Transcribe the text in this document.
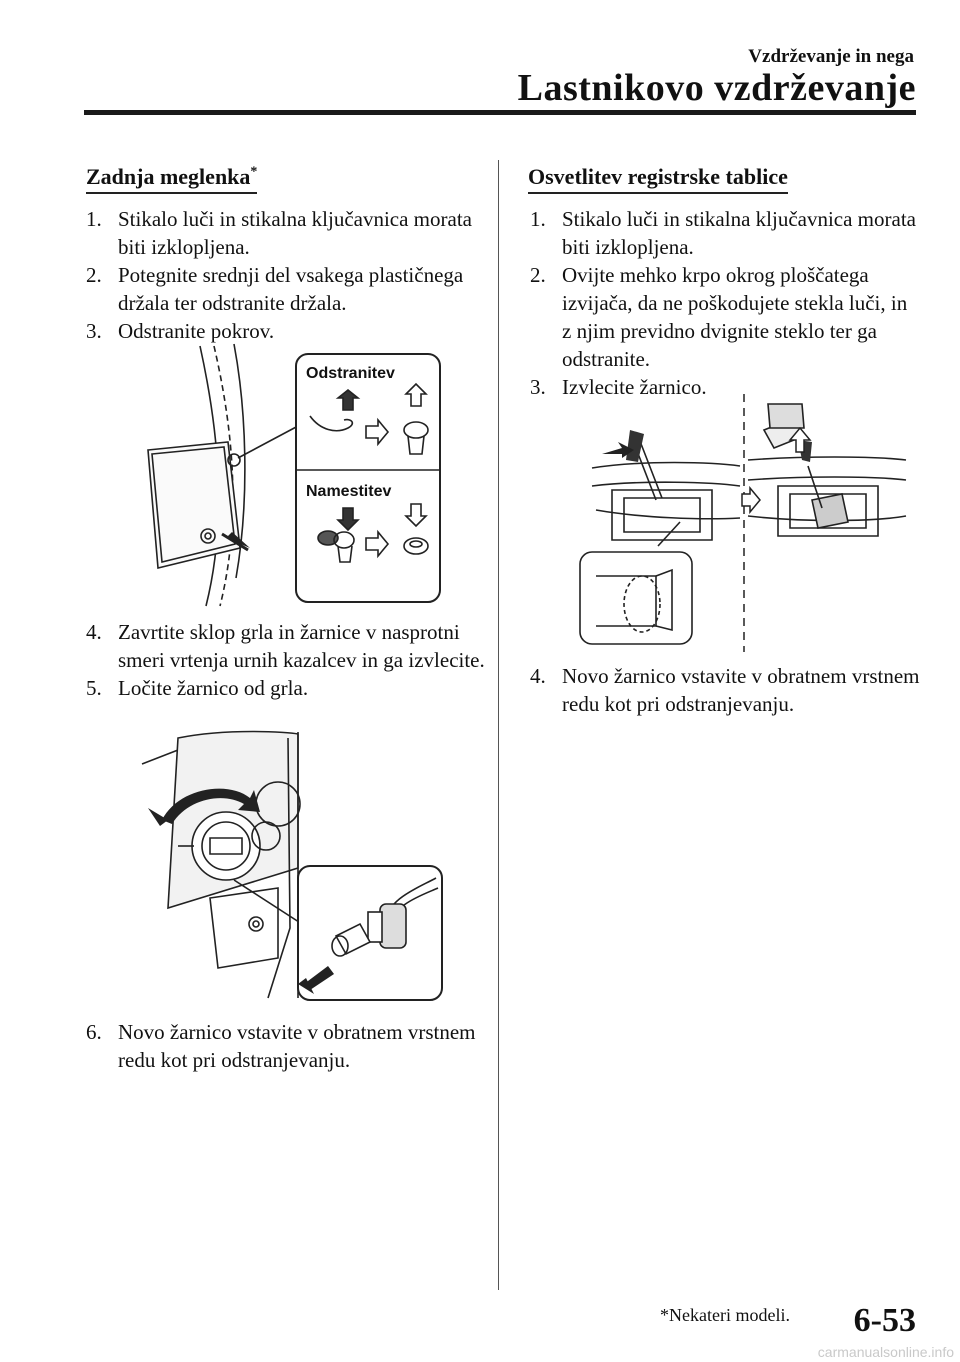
Vzdrževanje in nega
Lastnikovo vzdrževanje
Zadnja meglenka*
1. Stikalo luči in stikalna ključavnica morata biti izklopljena.
2. Potegnite srednji del vsakega plastičnega držala ter odstranite držala.
3. Odstranite pokrov.
Odstranitev
Namestitev
4. Zavrtite sklop grla in žarnice v nasprotni smeri vrtenja urnih kazalcev in ga izvlecite.
5. Ločite žarnico od grla.
6. Novo žarnico vstavite v obratnem vrstnem redu kot pri odstranjevanju.
Osvetlitev registrske tablice
1. Stikalo luči in stikalna ključavnica morata biti izklopljena.
2. Ovijte mehko krpo okrog ploščatega izvijača, da ne poškodujete stekla luči, in z njim previdno dvignite steklo ter ga odstranite.
3. Izvlecite žarnico.
4. Novo žarnico vstavite v obratnem vrstnem redu kot pri odstranjevanju.
*Nekateri modeli. 6-53
carmanualsonline.info
